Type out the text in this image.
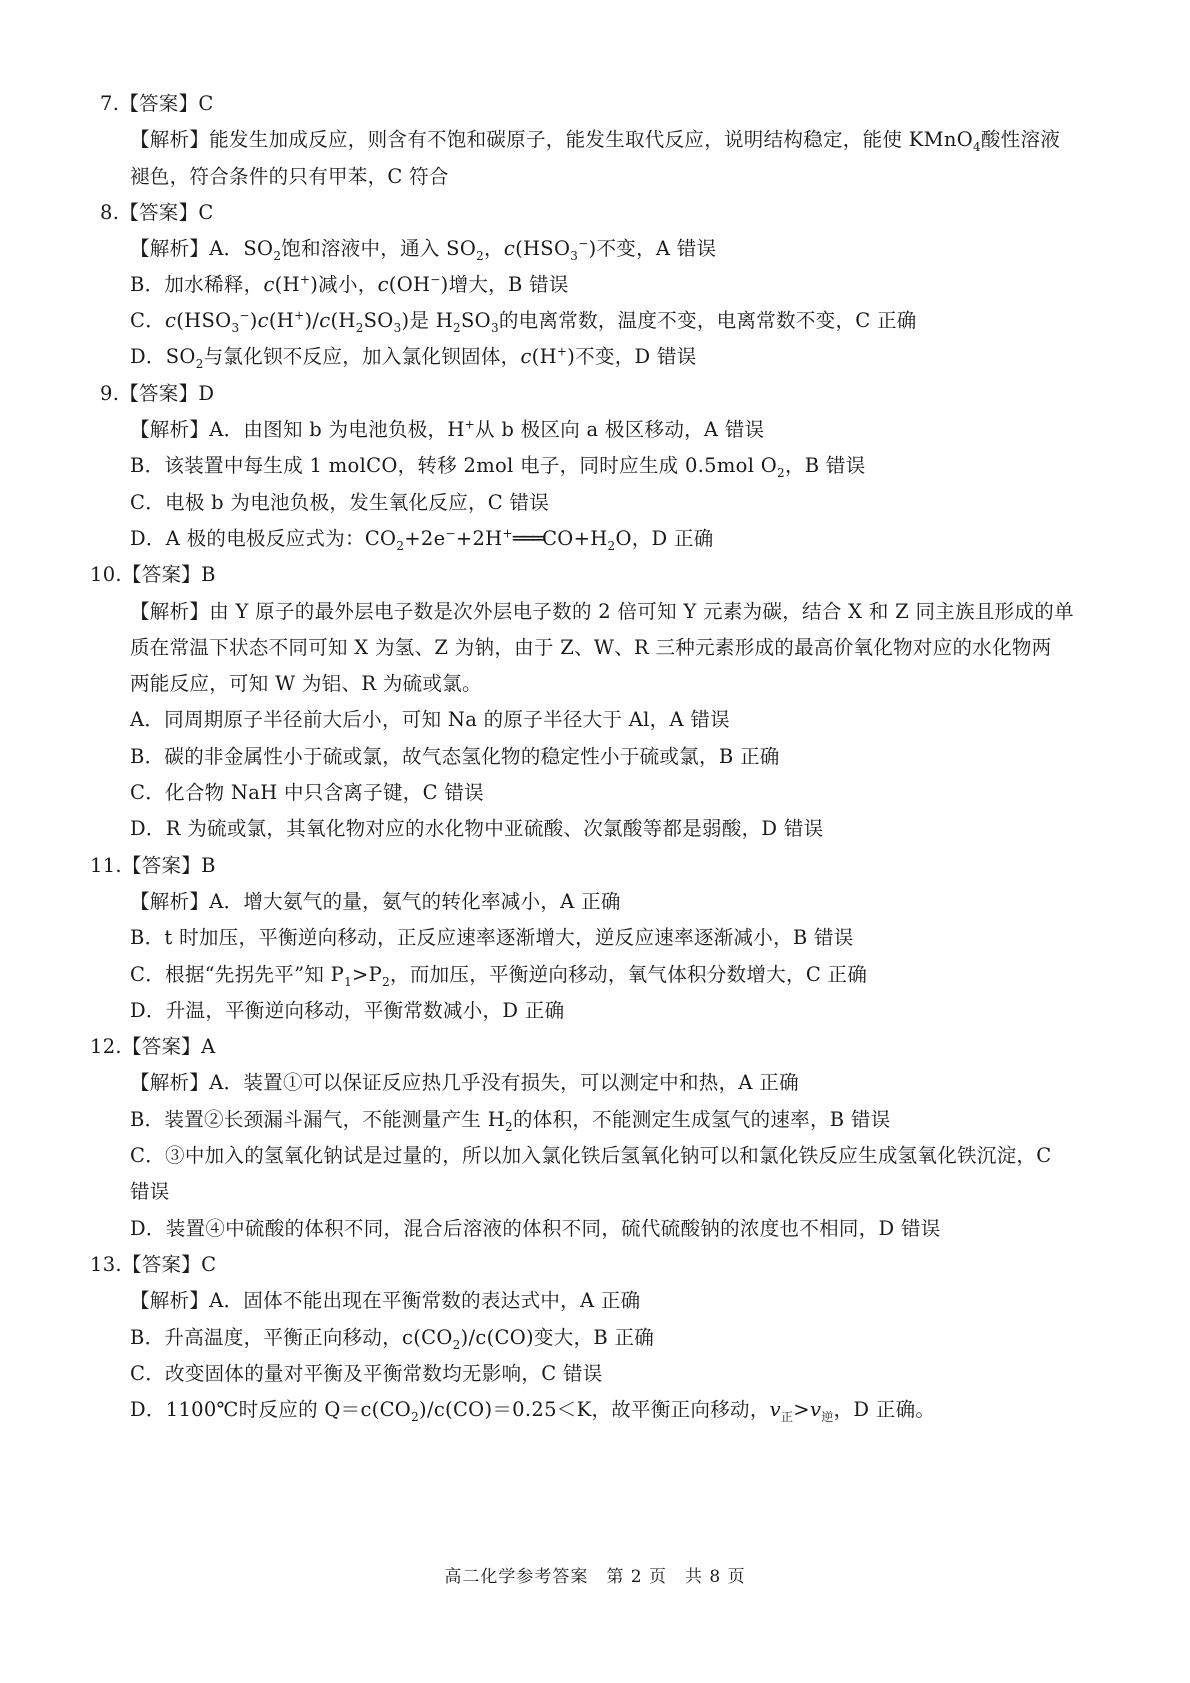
7.【答案】C
【解析】能发生加成反应，则含有不饱和碳原子，能发生取代反应，说明结构稳定，能使 KMnO$_4$酸性溶液
褪色，符合条件的只有甲苯，C 符合
8.【答案】C
【解析】A．$SO_2$饱和溶液中，通入 $SO_2$，$c(HSO_3^-)$不变，A 错误
B．加水稀释，c(H+)减小，c(OH−)增大，B 错误
C．$c(HSO_3^-)c(H^+)/c(H_2SO_3)$是 $H_2SO_3$的电离常数，温度不变，电离常数不变，C 正确
D．$SO_2$与氯化钡不反应，加入氯化钡固体，c(H+)不变，D 错误
9.【答案】D
【解析】A．由图知 b 为电池负极，H+从 b 极区向 a 极区移动，A 错误
B．该装置中每生成 1 molCO，转移 2mol 电子，同时应生成 0.5mol $O_2$，B 错误
C．电极 b 为电池负极，发生氧化反应，C 错误
D．A 极的电极反应式为：$CO_2+2e^-+2H^+═══CO+H_2O$，D 正确
10.【答案】B
【解析】由 Y 原子的最外层电子数是次外层电子数的 2 倍可知 Y 元素为碳，结合 X 和 Z 同主族且形成的单
质在常温下状态不同可知 X 为氢、Z 为钠，由于 Z、W、R 三种元素形成的最高价氧化物对应的水化物两
两能反应，可知 W 为铝、R 为硫或氯。
A．同周期原子半径前大后小，可知 Na 的原子半径大于 Al，A 错误
B．碳的非金属性小于硫或氯，故气态氢化物的稳定性小于硫或氯，B 正确
C．化合物 NaH 中只含离子键，C 错误
D．R 为硫或氯，其氧化物对应的水化物中亚硫酸、次氯酸等都是弱酸，D 错误
11.【答案】B
【解析】A．增大氨气的量，氨气的转化率减小，A 正确
B．t 时加压，平衡逆向移动，正反应速率逐渐增大，逆反应速率逐渐减小，B 错误
C．根据“先拐先平”知 $P_1>P_2$，而加压，平衡逆向移动，氧气体积分数增大，C 正确
D．升温，平衡逆向移动，平衡常数减小，D 正确
12.【答案】A
【解析】A．装置①可以保证反应热几乎没有损失，可以测定中和热，A 正确
B．装置②长颈漏斗漏气，不能测量产生 $H_2$的体积，不能测定生成氢气的速率，B 错误
C．③中加入的氢氧化钠试是过量的，所以加入氯化铁后氢氧化钠可以和氯化铁反应生成氢氧化铁沉淀，C
错误
D．装置④中硫酸的体积不同，混合后溶液的体积不同，硫代硫酸钠的浓度也不相同，D 错误
13.【答案】C
【解析】A．固体不能出现在平衡常数的表达式中，A 正确
B．升高温度，平衡正向移动，$c(CO_2)/c(CO)$变大，B 正确
C．改变固体的量对平衡及平衡常数均无影响，C 错误
D．1100℃时反应的 $Q=c(CO_2)/c(CO)=0.25<K$，故平衡正向移动，$v_正>v_逆$，D 正确。
高二化学参考答案　第 2 页　共 8 页
